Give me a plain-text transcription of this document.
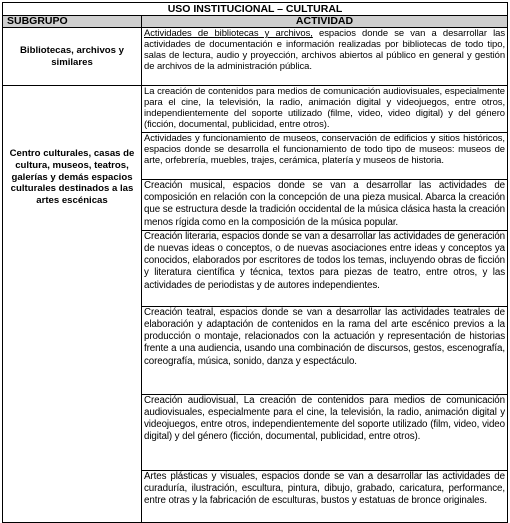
USO INSTITUCIONAL – CULTURAL	
SUBGRUPO	ACTIVIDAD
Bibliotecas, archivos y similares	Actividades de bibliotecas y archivos, espacios donde se van a desarrollar las actividades de documentación e información realizadas por bibliotecas de todo tipo, salas de lectura, audio y proyección, archivos abiertos al público en general y gestión de archivos de la administración pública.
Centro culturales, casas de cultura, museos, teatros, galerías y demás espacios culturales destinados a las artes escénicas	La creación de contenidos para medios de comunicación audiovisuales, especialmente para el cine, la televisión, la radio, animación digital y videojuegos, entre otros, independientemente del soporte utilizado (filme, video, video digital) y del género (ficción, documental, publicidad, entre otros).
	Actividades y funcionamiento de museos, conservación de edificios y sitios históricos, espacios donde se desarrolla el funcionamiento de todo tipo de museos: museos de arte, orfebrería, muebles, trajes, cerámica, platería y museos de historia.
	Creación musical, espacios donde se van a desarrollar las actividades de composición en relación con la concepción de una pieza musical. Abarca la creación que se estructura desde la tradición occidental de la música clásica hasta la creación menos rígida como en la composición de la música popular.
	Creación literaria, espacios donde se van a desarrollar las actividades de generación de nuevas ideas o conceptos, o de nuevas asociaciones entre ideas y conceptos ya conocidos, elaborados por escritores de todos los temas, incluyendo obras de ficción y literatura científica y técnica, textos para piezas de teatro, entre otros, y las actividades de periodistas y de autores independientes.
	Creación teatral, espacios donde se van a desarrollar las actividades teatrales de elaboración y adaptación de contenidos en la rama del arte escénico previos a la producción o montaje, relacionados con la actuación y representación de historias frente a una audiencia, usando una combinación de discursos, gestos, escenografía, coreografía, música, sonido, danza y espectáculo.
	Creación audiovisual, La creación de contenidos para medios de comunicación audiovisuales, especialmente para el cine, la televisión, la radio, animación digital y videojuegos, entre otros, independientemente del soporte utilizado (film, video, video digital) y del género (ficción, documental, publicidad, entre otros).
	Artes plásticas y visuales, espacios donde se van a desarrollar las actividades de curaduría, ilustración, escultura, pintura, dibujo, grabado, caricatura, performance, entre otras y la fabricación de esculturas, bustos y estatuas de bronce originales.
